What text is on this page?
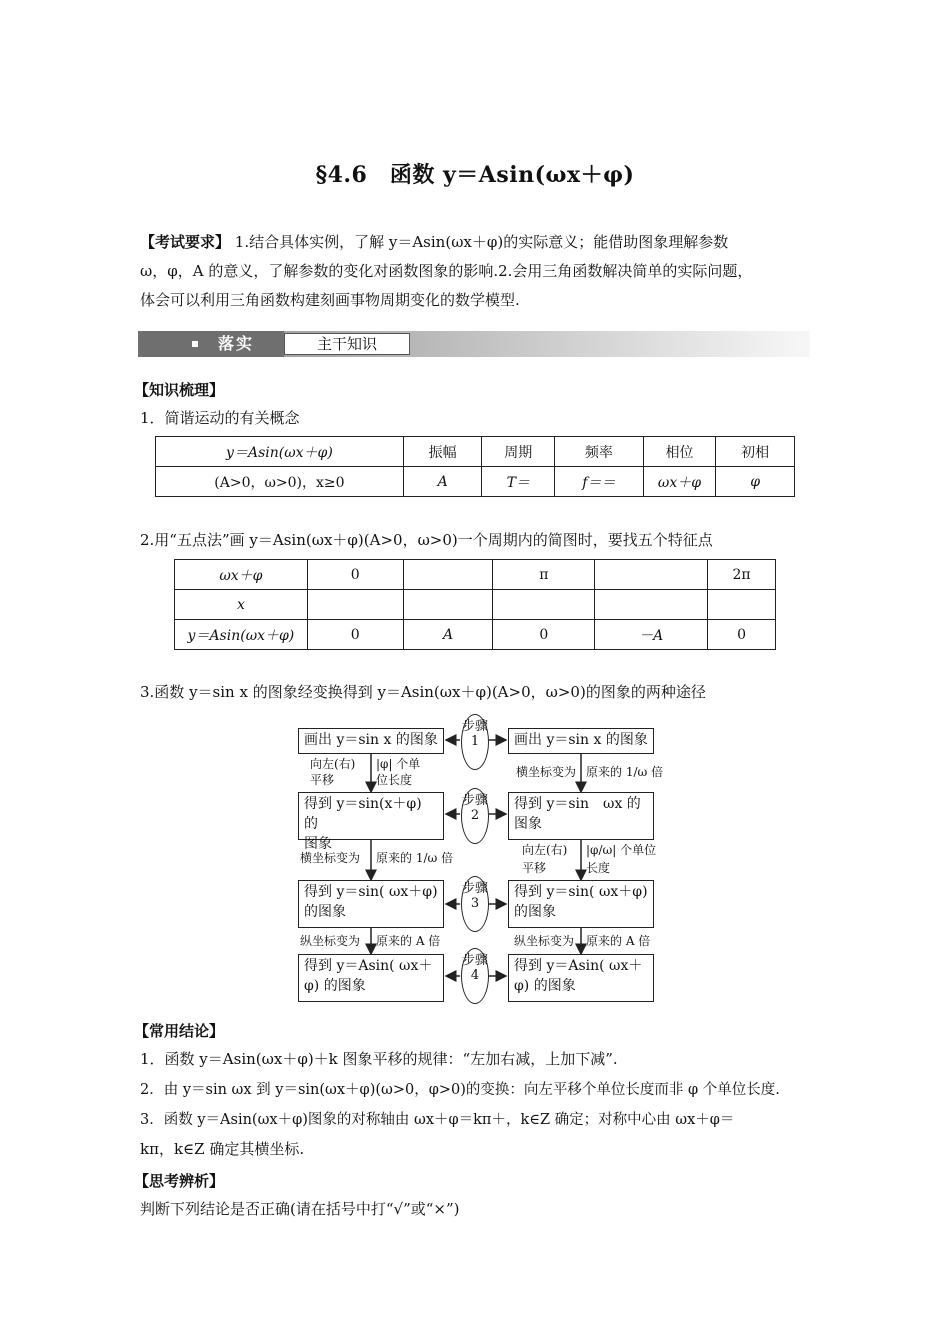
§4.6　函数 y＝Asin(ωx＋φ)
【考试要求】 1.结合具体实例，了解 y＝Asin(ωx＋φ)的实际意义；能借助图象理解参数
ω，φ，A 的意义，了解参数的变化对函数图象的影响.2.会用三角函数解决简单的实际问题，
体会可以利用三角函数构建刻画事物周期变化的数学模型.
落实	主干知识
【知识梳理】
1．简谐运动的有关概念
y＝Asin(ωx＋φ)	振幅	周期	频率	相位	初相
(A>0，ω>0)，x≥0	A	T＝	f＝＝	ωx＋φ	φ
2.用“五点法”画 y＝Asin(ωx＋φ)(A>0，ω>0)一个周期内的简图时，要找五个特征点
ωx＋φ	0		π		2π
x					
y＝Asin(ωx＋φ)	0	A	0	－A	0
3.函数 y＝sin x 的图象经变换得到 y＝Asin(ωx＋φ)(A>0，ω>0)的图象的两种途径
画出 y＝sin x 的图象
步骤1	画出 y＝sin x 的图象
向左(右)
平移
|φ| 个单
位长度
横坐标变为 原来的 1/ω 倍
得到 y＝sin(x＋φ) 的
图象
步骤2
得到 y＝sin　ωx 的
图象
横坐标变为 原来的 1/ω 倍
向左(右)
平移
|φ/ω| 个单位
长度
得到 y＝sin( ωx＋φ)
的图象
步骤3
得到 y＝sin( ωx＋φ)
的图象
纵坐标变为 原来的 A 倍	纵坐标变为 原来的 A 倍
得到 y＝Asin( ωx＋
φ) 的图象
步骤4
得到 y＝Asin( ωx＋
φ) 的图象
【常用结论】
1．函数 y＝Asin(ωx＋φ)＋k 图象平移的规律：“左加右减，上加下减”.
2．由 y＝sin ωx 到 y＝sin(ωx＋φ)(ω>0，φ>0)的变换：向左平移个单位长度而非 φ 个单位长度.
3．函数 y＝Asin(ωx＋φ)图象的对称轴由 ωx＋φ＝kπ＋，k∈Z 确定；对称中心由 ωx＋φ＝
kπ，k∈Z 确定其横坐标.
【思考辨析】
判断下列结论是否正确(请在括号中打“√”或“×”)
